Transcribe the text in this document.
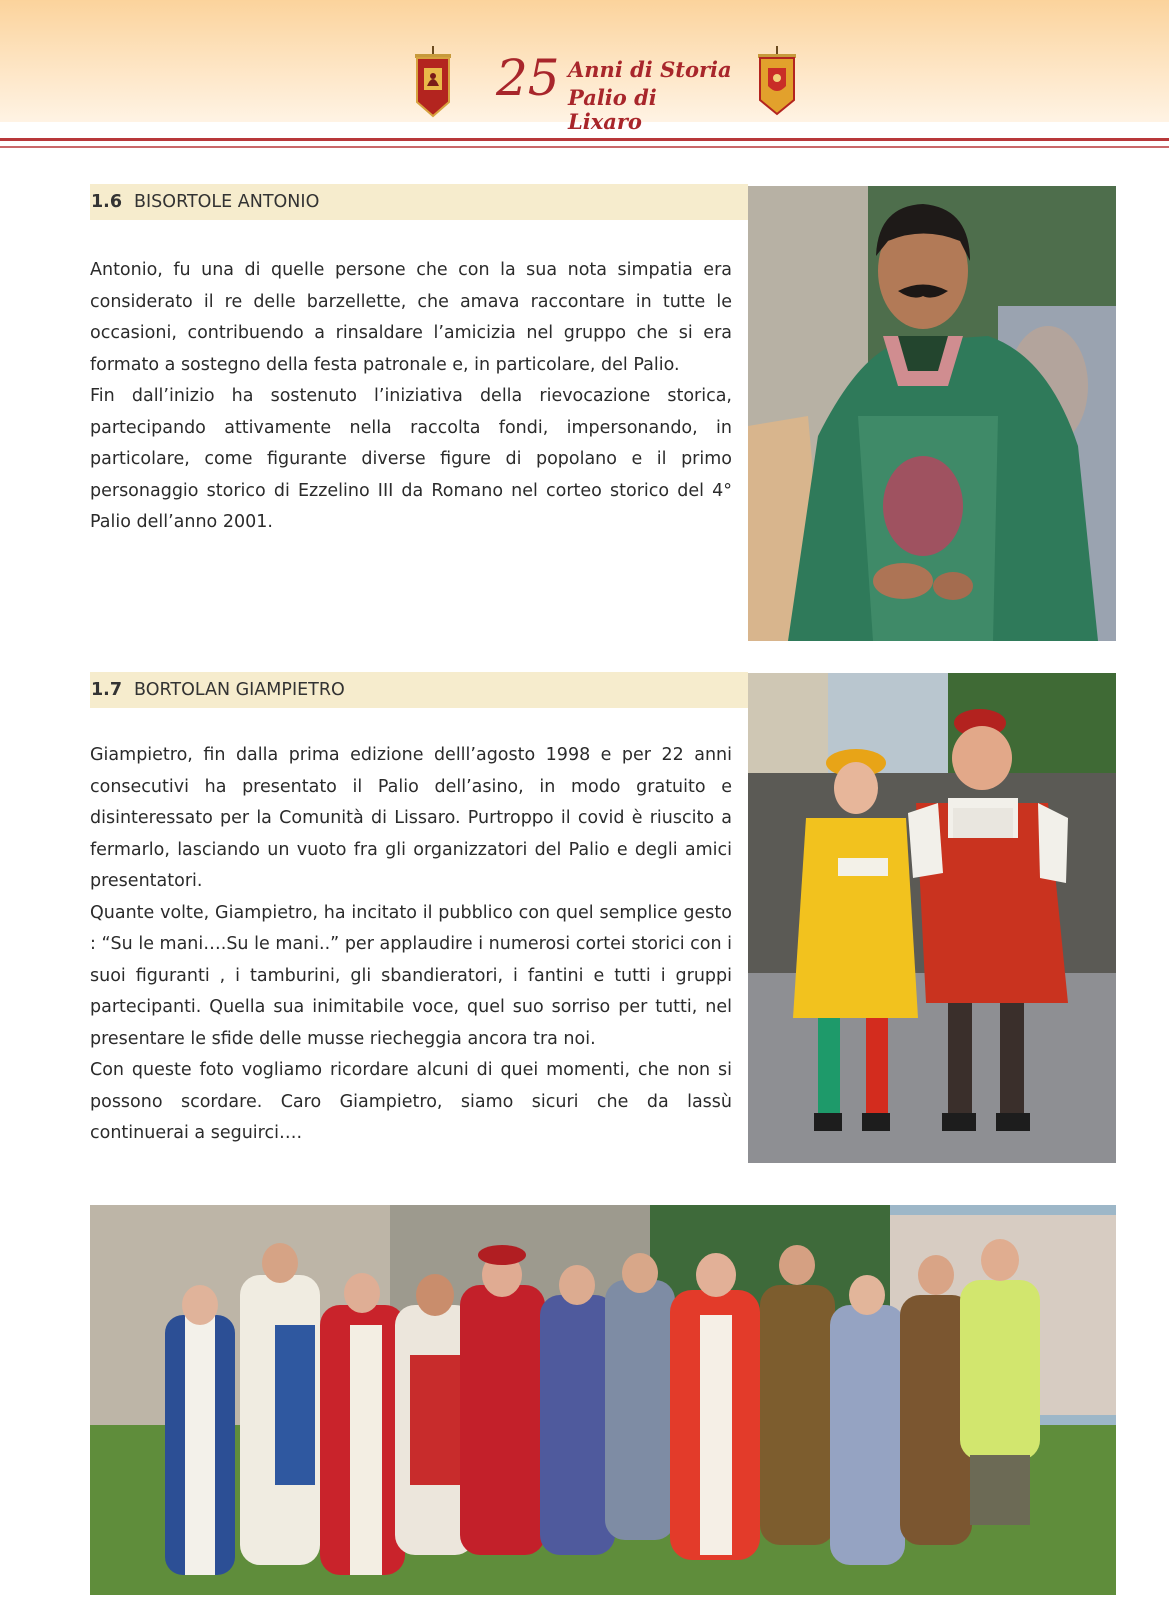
25 Anni di Storia
Palio di Lixaro
1.6 BISORTOLE ANTONIO

Antonio, fu una di quelle persone che con la sua nota simpatia era considerato il re delle barzellette, che amava raccontare in tutte le occasioni, contribuendo a rinsaldare l’amicizia nel gruppo che si era formato a sostegno della festa patronale e, in particolare, del Palio.

Fin dall’inizio ha sostenuto l’iniziativa della rievocazione storica, partecipando attivamente nella raccolta fondi, impersonando, in particolare, come figurante diverse figure di popolano e il primo personaggio storico di Ezzelino III da Romano nel corteo storico del 4° Palio dell’anno 2001.

1.7 BORTOLAN GIAMPIETRO

Giampietro, fin dalla prima edizione delll’agosto 1998 e per 22 anni consecutivi ha presentato il Palio dell’asino, in modo gratuito e disinteressato per la Comunità di Lissaro. Purtroppo il covid è riuscito a fermarlo, lasciando un vuoto fra gli organizzatori del Palio e degli amici presentatori.

Quante volte, Giampietro, ha incitato il pubblico con quel semplice gesto : “Su le mani….Su le mani..” per applaudire i numerosi cortei storici con i suoi figuranti , i tamburini, gli sbandieratori, i fantini e tutti i gruppi partecipanti. Quella sua inimitabile voce, quel suo sorriso per tutti, nel presentare le sfide delle musse riecheggia ancora tra noi.

Con queste foto vogliamo ricordare alcuni di quei momenti, che non si possono scordare. Caro Giampietro, siamo sicuri che da lassù continuerai a seguirci….
